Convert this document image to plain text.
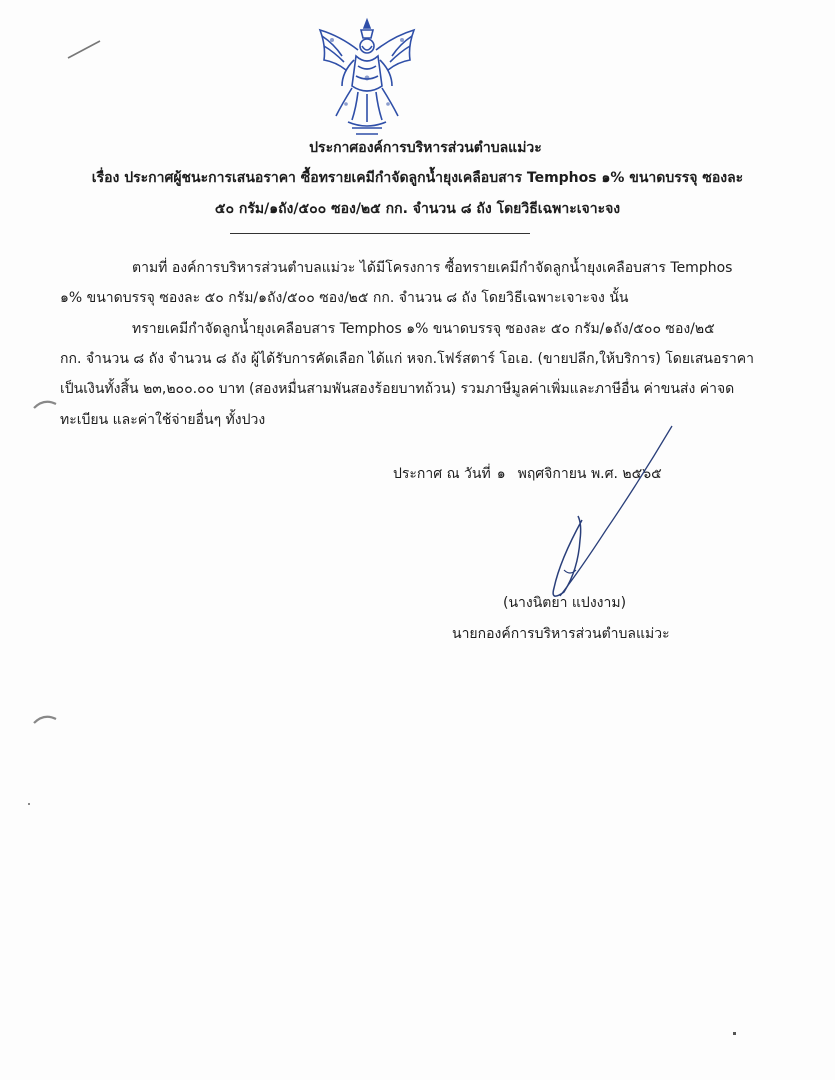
ประกาศองค์การบริหารส่วนตำบลแม่วะ
เรื่อง ประกาศผู้ชนะการเสนอราคา ซื้อทรายเคมีกำจัดลูกน้ำยุงเคลือบสาร Temphos ๑% ขนาดบรรจุ ซองละ
๕๐ กรัม/๑ถัง/๕๐๐ ซอง/๒๕ กก. จำนวน ๘ ถัง โดยวิธีเฉพาะเจาะจง
ตามที่ องค์การบริหารส่วนตำบลแม่วะ ได้มีโครงการ ซื้อทรายเคมีกำจัดลูกน้ำยุงเคลือบสาร Temphos
๑% ขนาดบรรจุ ซองละ ๕๐ กรัม/๑ถัง/๕๐๐ ซอง/๒๕ กก. จำนวน ๘ ถัง โดยวิธีเฉพาะเจาะจง นั้น
ทรายเคมีกำจัดลูกน้ำยุงเคลือบสาร Temphos ๑% ขนาดบรรจุ ซองละ ๕๐ กรัม/๑ถัง/๕๐๐ ซอง/๒๕
กก. จำนวน ๘ ถัง จำนวน ๘ ถัง ผู้ได้รับการคัดเลือก ได้แก่ หจก.โฟร์สตาร์ โอเอ. (ขายปลีก,ให้บริการ) โดยเสนอราคา
เป็นเงินทั้งสิ้น ๒๓,๒๐๐.๐๐ บาท (สองหมื่นสามพันสองร้อยบาทถ้วน) รวมภาษีมูลค่าเพิ่มและภาษีอื่น ค่าขนส่ง ค่าจด
ทะเบียน และค่าใช้จ่ายอื่นๆ ทั้งปวง
ประกาศ ณ วันที่ ๑ พฤศจิกายน พ.ศ. ๒๕๖๕
(นางนิตยา แปงงาม)
นายกองค์การบริหารส่วนตำบลแม่วะ
